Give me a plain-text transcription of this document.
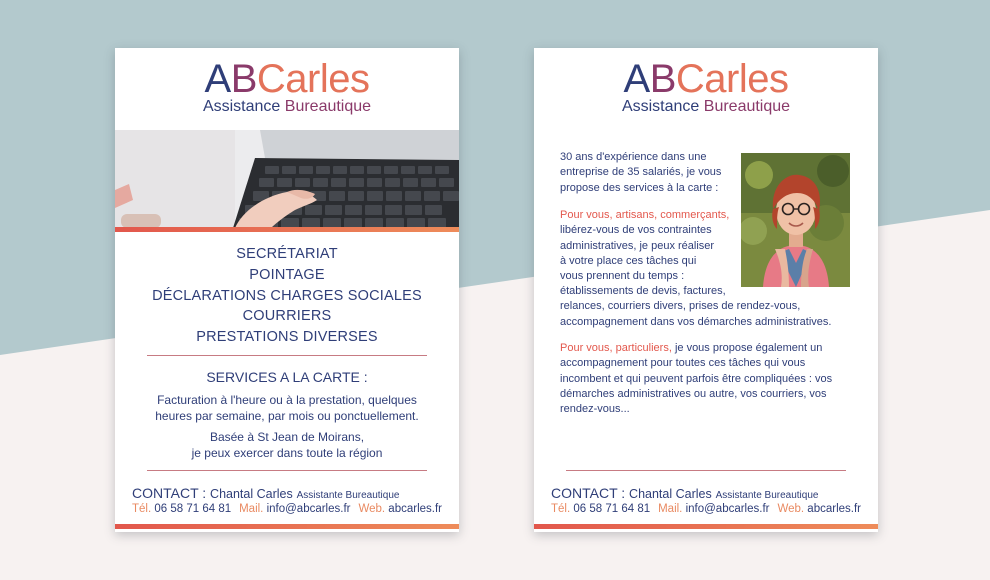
ABCarles
Assistance Bureautique
SECRÉTARIAT
POINTAGE
DÉCLARATIONS CHARGES SOCIALES
COURRIERS
PRESTATIONS DIVERSES
SERVICES A LA CARTE :
Facturation à l'heure ou à la prestation, quelques
heures par semaine, par mois ou ponctuellement.
Basée à St Jean de Moirans,
je peux exercer dans toute la région
CONTACT : Chantal Carles Assistante Bureautique
Tél. 06 58 71 64 81 Mail. info@abcarles.fr Web. abcarles.fr
ABCarles
Assistance Bureautique
30 ans d'expérience dans une
entreprise de 35 salariés, je vous
propose des services à la carte :
Pour vous, artisans, commerçants,
libérez-vous de vos contraintes
administratives, je peux réaliser
à votre place ces tâches qui
vous prennent du temps :
établissements de devis, factures,
relances, courriers divers, prises de rendez-vous,
accompagnement dans vos démarches administratives.
Pour vous, particuliers, je vous propose également un
accompagnement pour toutes ces tâches qui vous
incombent et qui peuvent parfois être compliquées : vos
démarches administratives ou autre, vos courriers, vos
rendez-vous...
CONTACT : Chantal Carles Assistante Bureautique
Tél. 06 58 71 64 81 Mail. info@abcarles.fr Web. abcarles.fr
